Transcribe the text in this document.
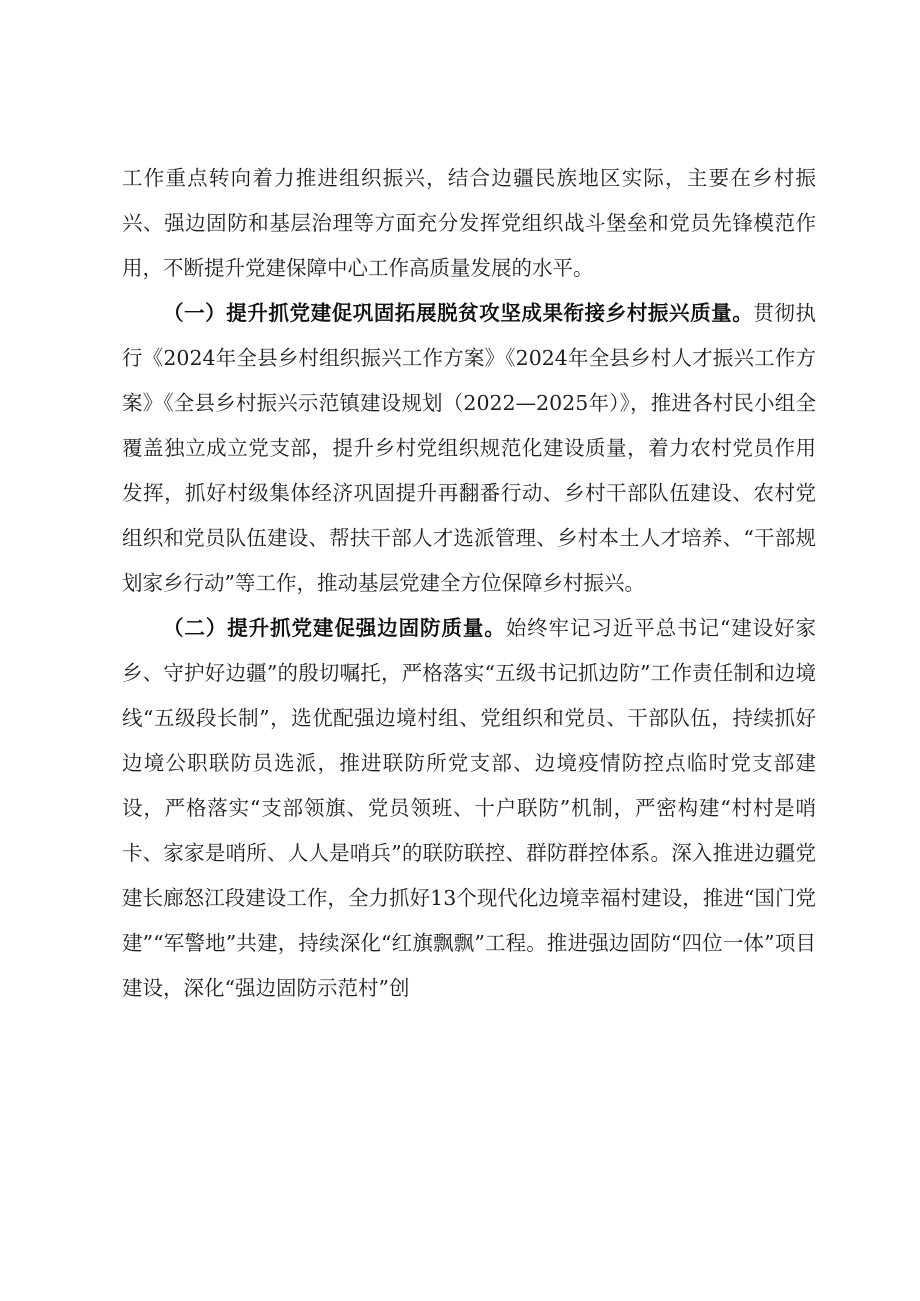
工作重点转向着力推进组织振兴，结合边疆民族地区实际，主要在乡村振兴、强边固防和基层治理等方面充分发挥党组织战斗堡垒和党员先锋模范作用，不断提升党建保障中心工作高质量发展的水平。

（一）提升抓党建促巩固拓展脱贫攻坚成果衔接乡村振兴质量。贯彻执行《2024年全县乡村组织振兴工作方案》《2024年全县乡村人才振兴工作方案》《全县乡村振兴示范镇建设规划（2022—2025年）》，推进各村民小组全覆盖独立成立党支部，提升乡村党组织规范化建设质量，着力农村党员作用发挥，抓好村级集体经济巩固提升再翻番行动、乡村干部队伍建设、农村党组织和党员队伍建设、帮扶干部人才选派管理、乡村本土人才培养、“干部规划家乡行动”等工作，推动基层党建全方位保障乡村振兴。

（二）提升抓党建促强边固防质量。始终牢记习近平总书记“建设好家乡、守护好边疆”的殷切嘱托，严格落实“五级书记抓边防”工作责任制和边境线“五级段长制”，选优配强边境村组、党组织和党员、干部队伍，持续抓好边境公职联防员选派，推进联防所党支部、边境疫情防控点临时党支部建设，严格落实“支部领旗、党员领班、十户联防”机制，严密构建“村村是哨卡、家家是哨所、人人是哨兵”的联防联控、群防群控体系。深入推进边疆党建长廊怒江段建设工作，全力抓好13个现代化边境幸福村建设，推进“国门党建”“军警地”共建，持续深化“红旗飘飘”工程。推进强边固防“四位一体”项目建设，深化“强边固防示范村”创
